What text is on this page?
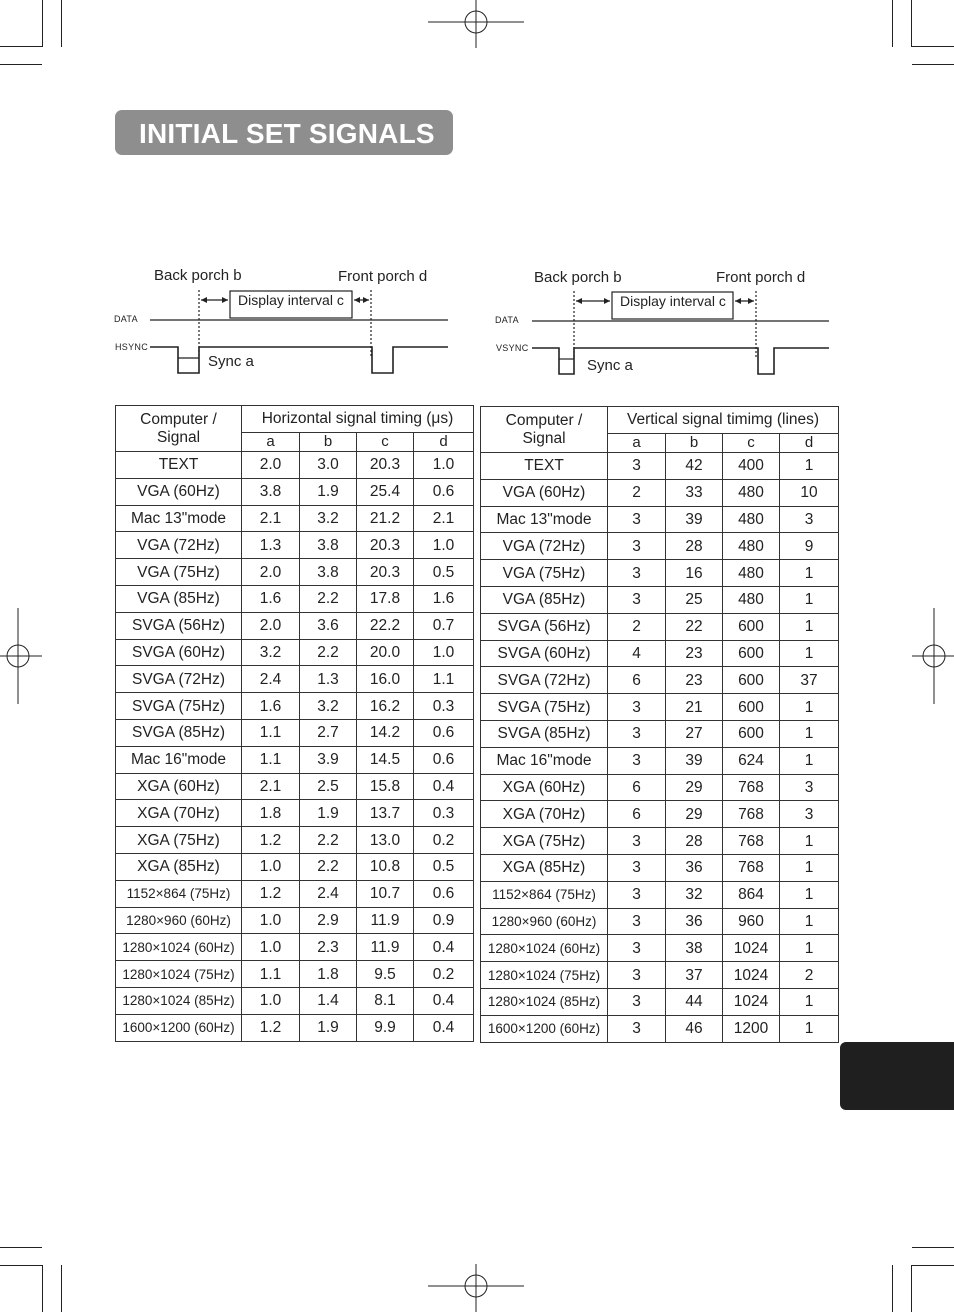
INITIAL SET SIGNALS
Back porch b	Front porch d
Display interval c
DATA
HSYNC
Sync a
Back porch b	Front porch d
Display interval c
DATA
VSYNC
Sync a
Computer / Signal	Horizontal signal timing (μs)			
	a	b	c	d
TEXT	2.0	3.0	20.3	1.0
VGA (60Hz)	3.8	1.9	25.4	0.6
Mac 13"mode	2.1	3.2	21.2	2.1
VGA (72Hz)	1.3	3.8	20.3	1.0
VGA (75Hz)	2.0	3.8	20.3	0.5
VGA (85Hz)	1.6	2.2	17.8	1.6
SVGA (56Hz)	2.0	3.6	22.2	0.7
SVGA (60Hz)	3.2	2.2	20.0	1.0
SVGA (72Hz)	2.4	1.3	16.0	1.1
SVGA (75Hz)	1.6	3.2	16.2	0.3
SVGA (85Hz)	1.1	2.7	14.2	0.6
Mac 16"mode	1.1	3.9	14.5	0.6
XGA (60Hz)	2.1	2.5	15.8	0.4
XGA (70Hz)	1.8	1.9	13.7	0.3
XGA (75Hz)	1.2	2.2	13.0	0.2
XGA (85Hz)	1.0	2.2	10.8	0.5
1152×864 (75Hz)	1.2	2.4	10.7	0.6
1280×960 (60Hz)	1.0	2.9	11.9	0.9
1280×1024 (60Hz)	1.0	2.3	11.9	0.4
1280×1024 (75Hz)	1.1	1.8	9.5	0.2
1280×1024 (85Hz)	1.0	1.4	8.1	0.4
1600×1200 (60Hz)	1.2	1.9	9.9	0.4
Computer / Signal	Vertical signal timimg (lines)			
	a	b	c	d
TEXT	3	42	400	1
VGA (60Hz)	2	33	480	10
Mac 13"mode	3	39	480	3
VGA (72Hz)	3	28	480	9
VGA (75Hz)	3	16	480	1
VGA (85Hz)	3	25	480	1
SVGA (56Hz)	2	22	600	1
SVGA (60Hz)	4	23	600	1
SVGA (72Hz)	6	23	600	37
SVGA (75Hz)	3	21	600	1
SVGA (85Hz)	3	27	600	1
Mac 16"mode	3	39	624	1
XGA (60Hz)	6	29	768	3
XGA (70Hz)	6	29	768	3
XGA (75Hz)	3	28	768	1
XGA (85Hz)	3	36	768	1
1152×864 (75Hz)	3	32	864	1
1280×960 (60Hz)	3	36	960	1
1280×1024 (60Hz)	3	38	1024	1
1280×1024 (75Hz)	3	37	1024	2
1280×1024 (85Hz)	3	44	1024	1
1600×1200 (60Hz)	3	46	1200	1
